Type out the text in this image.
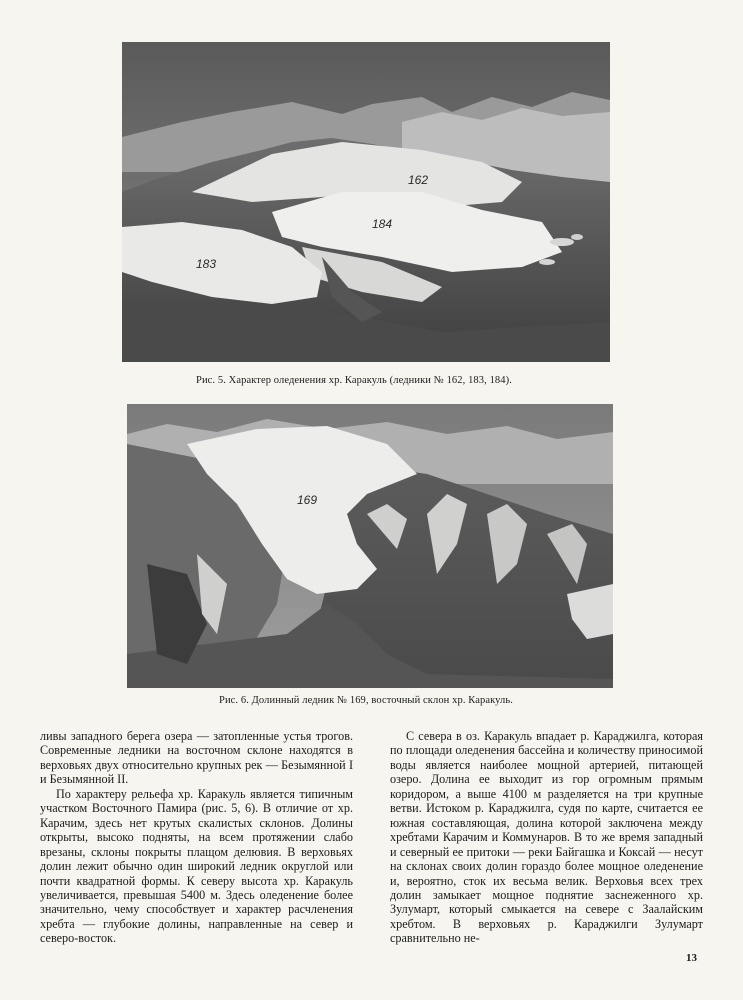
162
184
183
Рис. 5. Характер оледенения хр. Каракуль (ледники № 162, 183, 184).
169
Рис. 6. Долинный ледник № 169, восточный склон хр. Каракуль.

ливы западного берега озера — затопленные устья трогов. Современные ледники на восточном склоне находятся в верховьях двух относительно крупных рек — Безымянной I и Безымянной II.

По характеру рельефа хр. Каракуль является типичным участком Восточного Памира (рис. 5, 6). В отличие от хр. Карачим, здесь нет крутых скалистых склонов. Долины открыты, высоко подняты, на всем протяжении слабо врезаны, склоны покрыты плащом делювия. В верховьях долин лежит обычно один широкий ледник округлой или почти квадратной формы. К северу высота хр. Каракуль увеличивается, превышая 5400 м. Здесь оледенение более значительно, чему способствует и характер расчленения хребта — глубокие долины, направленные на север и северо-восток.

С севера в оз. Каракуль впадает р. Караджилга, которая по площади оледенения бассейна и количеству приносимой воды является наиболее мощной артерией, питающей озеро. Долина ее выходит из гор огромным прямым коридором, а выше 4100 м разделяется на три крупные ветви. Истоком р. Караджилга, судя по карте, считается ее южная составляющая, долина которой заключена между хребтами Карачим и Коммунаров. В то же время западный и северный ее притоки — реки Байгашка и Коксай — несут на склонах своих долин гораздо более мощное оледенение и, вероятно, сток их весьма велик. Верховья всех трех долин замыкает мощное поднятие заснеженного хр. Зулумарт, который смыкается на севере с Заалайским хребтом. В верховьях р. Караджилги Зулумарт сравнительно не-

13
